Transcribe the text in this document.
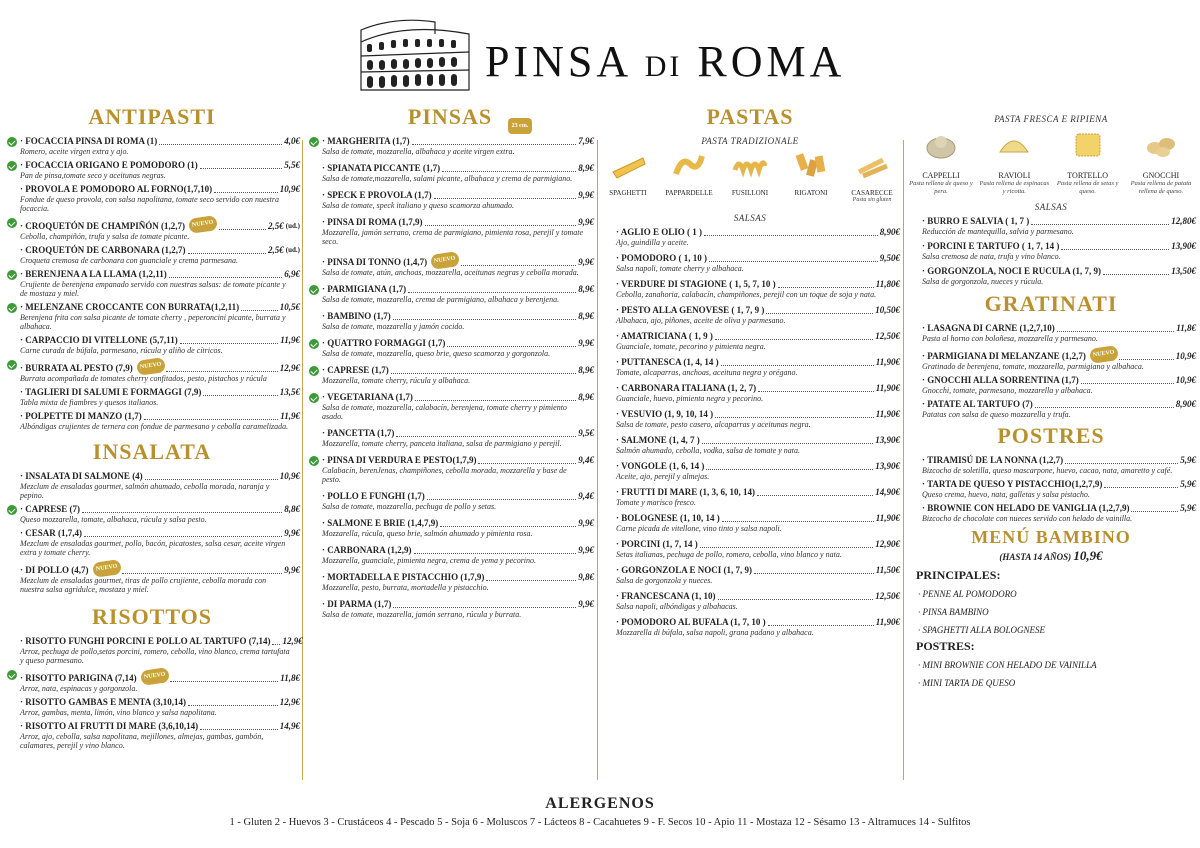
PINSA DI ROMA
ANTIPASTI
· FOCACCIA PINSA DI ROMA (1)	4,0€
Romero, aceite virgen extra y ajo.
· FOCACCIA ORIGANO E POMODORO (1)	5,5€
Pan de pinsa,tomate seco y aceitunas negras.
· PROVOLA E POMODORO AL FORNO(1,7,10)	10,9€
Fondue de queso provola, con salsa napolitana, tomate seco servido con nuestra focaccia.
· CROQUETÓN DE CHAMPIÑÓN (1,2,7)	NUEVO	2,5€ (ud.)
Cebolla, champiñón, trufa y salsa de tomate picante.
· CROQUETÓN DE CARBONARA (1,2,7)	2,5€ (ud.)
Croqueta cremosa de carbonara con guanciale y crema parmesana.
· BERENJENA A LA LLAMA (1,2,11)	6,9€
Crujiente de berenjena empanado servido con nuestras salsas: de tomate picante y de mostaza y miel.
· MELENZANE CROCCANTE CON BURRATA(1,2,11)	10,5€
Berenjena frita con salsa picante de tomate cherry , peperoncini picante, burrata y albahaca.
· CARPACCIO DI VITELLONE (5,7,11)	11,9€
Carne curada de búfala, parmesano, rúcula y aliño de cítricos.
· BURRATA AL PESTO (7,9)	NUEVO	12,9€
Burrata acompañada de tomates cherry confitados, pesto, pistachos y rúcula
· TAGLIERI DI SALUMI E FORMAGGI (7,9)	13,5€
Tabla mixta de fiambres y quesos italianos.
· POLPETTE DI MANZO (1,7)	11,9€
Albóndigas crujientes de ternera con fondue de parmesano y cebolla caramelizada.
INSALATA
· INSALATA DI SALMONE (4)	10,9€
Mezclum de ensaladas gourmet, salmón ahumado, cebolla morada, naranja y pepino.
· CAPRESE (7)	8,8€
Queso mozzarella, tomate, albahaca, rúcula y salsa pesto.
· CESAR (1,7,4)	9,9€
Mezclum de ensaladas gourmet, pollo, bacón, picatostes, salsa cesar, aceite virgen extra y tomate cherry.
· DI POLLO (4,7)	NUEVO	9,9€
Mezclum de ensaladas gourmet, tiras de pollo crujiente, cebolla morada con nuestra salsa agridulce, mostaza y miel.
RISOTTOS
· RISOTTO FUNGHI PORCINI E POLLO AL TARTUFO (7,14) 12,9€
Arroz, pechuga de pollo,setas porcini, romero, cebolla, vino blanco, crema tartufata y queso parmesano.
· RISOTTO PARIGINA (7,14)	NUEVO	11,8€
Arroz, nata, espinacas y gorgonzola.
· RISOTTO GAMBAS E MENTA (3,10,14)	12,9€
Arroz, gambas, menta, limón, vino blanco y salsa napolitana.
· RISOTTO AI FRUTTI DI MARE (3,6,10,14)	14,9€
Arroz, ajo, cebolla, salsa napolitana, mejillones, almejas, gambas, gambón, calamares, perejil y vino blanco.
23 cm.
PINSAS
· MARGHERITA (1,7)	7,9€
Salsa de tomate, mozzarella, albahaca y aceite virgen extra.
· SPIANATA PICCANTE (1,7)	8,9€
Salsa de tomate,mozzarella, salami picante, albahaca y crema de parmigiano.
· SPECK E PROVOLA (1,7)	9,9€
Salsa de tomate, speck italiano y queso scamorza ahumado.
· PINSA DI ROMA (1,7,9)	9,9€
Mozzarella, jamón serrano, crema de parmigiano, pimienta rosa, perejil y tomate seco.
· PINSA DI TONNO (1,4,7)	NUEVO	9,9€
Salsa de tomate, atún, anchoas, mozzarella, aceitunas negras y cebolla morada.
· PARMIGIANA (1,7)	8,9€
Salsa de tomate, mozzarella, crema de parmigiano, albahaca y berenjena.
· BAMBINO (1,7)	8,9€
Salsa de tomate, mozzarella y jamón cocido.
· QUATTRO FORMAGGI (1,7)	9,9€
Salsa de tomate, mozzarella, queso brie, queso scamorza y gorgonzola.
· CAPRESE (1,7)	8,9€
Mozzarella, tomate cherry, rúcula y albahaca.
· VEGETARIANA (1,7)	8,9€
Salsa de tomate, mozzarella, calabacín, berenjena, tomate cherry y pimiento asado.
· PANCETTA (1,7)	9,5€
Mozzarella, tomate cherry, panceta italiana, salsa de parmigiano y perejil.
· PINSA DI VERDURA E PESTO(1,7,9)	9,4€
Calabacín, berenJenas, champiñones, cebolla morada, mozzarella y base de pesto.
· POLLO E FUNGHI (1,7)	9,4€
Salsa de tomate, mozzarella, pechuga de pollo y setas.
· SALMONE E BRIE (1,4,7,9)	9,9€
Mozzarella, rúcula, queso brie, salmón ahumado y pimienta rosa.
· CARBONARA (1,2,9)	9,9€
Mozzarella, guanciale, pimienta negra, crema de yema y pecorino.
· MORTADELLA E PISTACCHIO (1,7,9)	9,8€
Mozzarella, pesto, burrata, mortadella y pistacchio.
· DI PARMA (1,7)	9,9€
Salsa de tomate, mozzarella, jamón serrano, rúcula y burrata.
PASTAS
PASTA TRADIZIONALE
SPAGHETTI	PAPPARDELLE	FUSILLONI	RIGATONI	CASARECCE
Pasta sin gluten
SALSAS
· AGLIO E OLIO ( 1 )	8,90€
Ajo, guindilla y aceite.
· POMODORO ( 1, 10 )	9,50€
Salsa napoli, tomate cherry y albahaca.
· VERDURE DI STAGIONE ( 1, 5, 7, 10 )	11,80€
Cebolla, zanahoria, calabacín, champiñones, perejil con un toque de soja y nata.
· PESTO ALLA GENOVESE ( 1, 7, 9 )	10,50€
Albahaca, ajo, piñones, aceite de oliva y parmesano.
· AMATRICIANA ( 1, 9 )	12,50€
Guanciale, tomate, pecorino y pimienta negra.
· PUTTANESCA (1, 4, 14 )	11,90€
Tomate, alcaparras, anchoas, aceituna negra y orégano.
· CARBONARA ITALIANA (1, 2, 7)	11,90€
Guanciale, huevo, pimienta negra y pecorino.
· VESUVIO (1, 9, 10, 14 )	11,90€
Salsa de tomate, pesto casero, alcaparras y aceitunas negra.
· SALMONE (1, 4, 7 )	13,90€
Salmón ahumado, cebolla, vodka, salsa de tomate y nata.
· VONGOLE (1, 6, 14 )	13,90€
Aceite, ajo, perejil y almejas.
· FRUTTI DI MARE (1, 3, 6, 10, 14)	14,90€
Tomate y marisco fresco.
· BOLOGNESE (1, 10, 14 )	11,90€
Carne picada de vitellone, vino tinto y salsa napoli.
· PORCINI (1, 7, 14 )	12,90€
Setas italianas, pechuga de pollo, romero, cebolla, vino blanco y nata.
· GORGONZOLA E NOCI (1, 7, 9)	11,50€
Salsa de gorgonzola y nueces.
· FRANCESCANA (1, 10)	12,50€
Salsa napoli, albóndigas y albahacas.
· POMODORO AL BUFALA (1, 7, 10 )	11,90€
Mozzarella di búfala, salsa napoli, grana padano y albahaca.
PASTA FRESCA E RIPIENA
CAPPELLI
Pasta rellena de queso y pera.
RAVIOLI
Pasta rellena de espinacas y ricotta.
TORTELLO
Pasta rellena de setas y queso.
GNOCCHI
Pasta rellena de patata rellena de queso.
SALSAS
· BURRO E SALVIA ( 1, 7 )	12,80€
Reducción de mantequilla, salvia y parmesano.
· PORCINI E TARTUFO ( 1, 7, 14 )	13,90€
Salsa cremosa de nata, trufa y vino blanco.
· GORGONZOLA, NOCI E RUCULA (1, 7, 9)	13,50€
Salsa de gorgonzola, nueces y rúcula.
GRATINATI
· LASAGNA DI CARNE (1,2,7,10)	11,8€
Pasta al horno con boloñesa, mozzarella y parmesano.
· PARMIGIANA DI MELANZANE (1,2,7)	NUEVO	10,9€
Gratinado de berenjena, tomate, mozzarella, parmigiano y albahaca.
· GNOCCHI ALLA SORRENTINA (1,7)	10,9€
Gnocchi, tomate, parmesano, mozzarella y albahaca.
· PATATE AL TARTUFO (7)	8,90€
Patatas con salsa de queso mozzarella y trufa.
POSTRES
· TIRAMISÚ DE LA NONNA (1,2,7)	5,9€
Bizcocho de soletilla, queso mascarpone, huevo, cacao, nata, amaretto y café.
· TARTA DE QUESO Y PISTACCHIO(1,2,7,9)	5,9€
Queso crema, huevo, nata, galletas y salsa pistacho.
· BROWNIE CON HELADO DE VANIGLIA (1,2,7,9)	5,9€
Bizcocho de chocolate con nueces servido con helado de vainilla.
MENÚ BAMBINO
(HASTA 14 AÑOS) 10,9€
PRINCIPALES:
· PENNE AL POMODORO
· PINSA BAMBINO
· SPAGHETTI ALLA BOLOGNESE
POSTRES:
· MINI BROWNIE CON HELADO DE VAINILLA
· MINI TARTA DE QUESO
ALERGENOS
1 - Gluten 2 - Huevos 3 - Crustáceos 4 - Pescado 5 - Soja 6 - Moluscos 7 - Lácteos 8 - Cacahuetes 9 - F. Secos 10 - Apio 11 - Mostaza 12 - Sésamo 13 - Altramuces 14 - Sulfitos
